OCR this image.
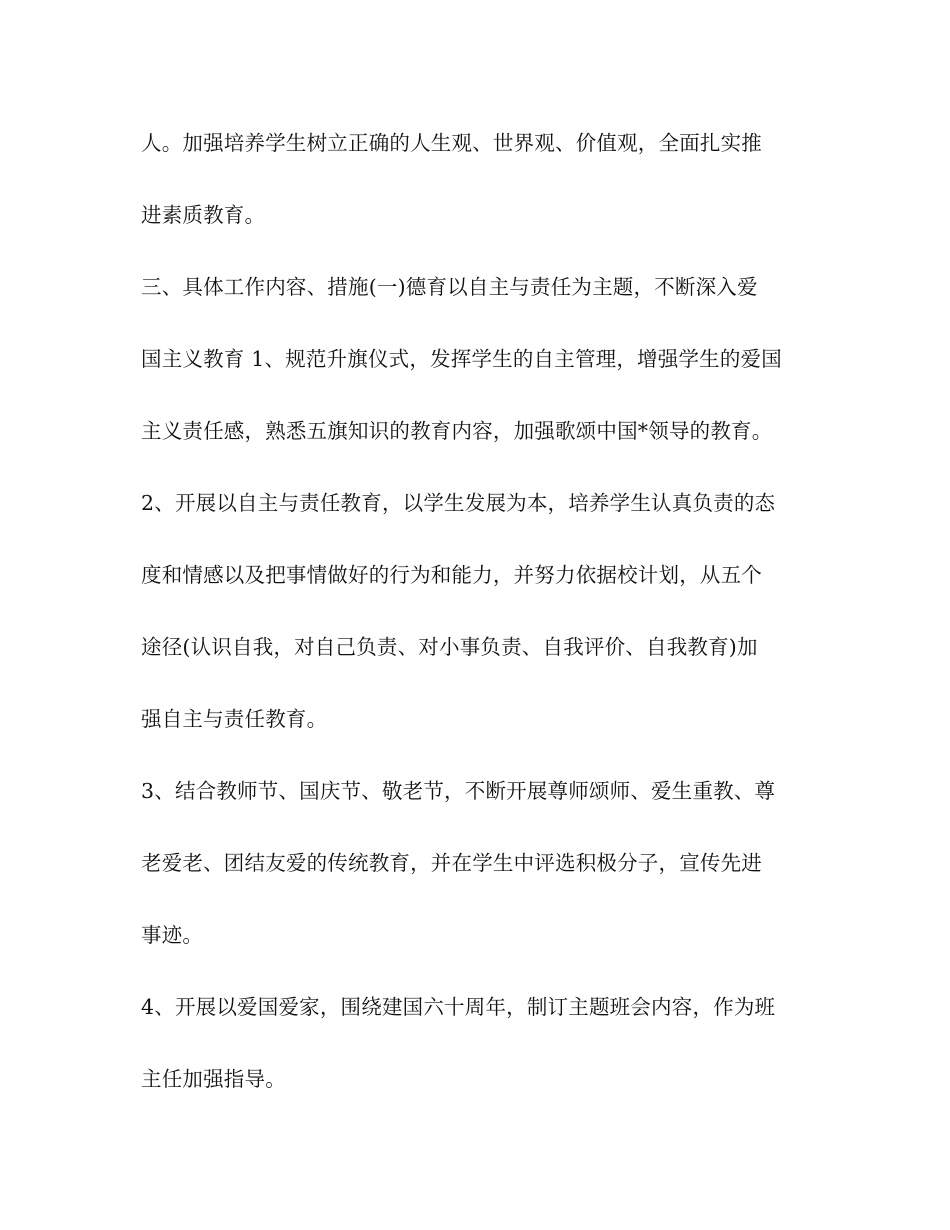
人。加强培养学生树立正确的人生观、世界观、价值观，全面扎实推
进素质教育。
三、具体工作内容、措施(一)德育以自主与责任为主题，不断深入爱
国主义教育 1、规范升旗仪式，发挥学生的自主管理，增强学生的爱国
主义责任感，熟悉五旗知识的教育内容，加强歌颂中国*领导的教育。
2、开展以自主与责任教育，以学生发展为本，培养学生认真负责的态
度和情感以及把事情做好的行为和能力，并努力依据校计划，从五个
途径(认识自我，对自己负责、对小事负责、自我评价、自我教育)加
强自主与责任教育。
3、结合教师节、国庆节、敬老节，不断开展尊师颂师、爱生重教、尊
老爱老、团结友爱的传统教育，并在学生中评选积极分子，宣传先进
事迹。
4、开展以爱国爱家，围绕建国六十周年，制订主题班会内容，作为班
主任加强指导。
